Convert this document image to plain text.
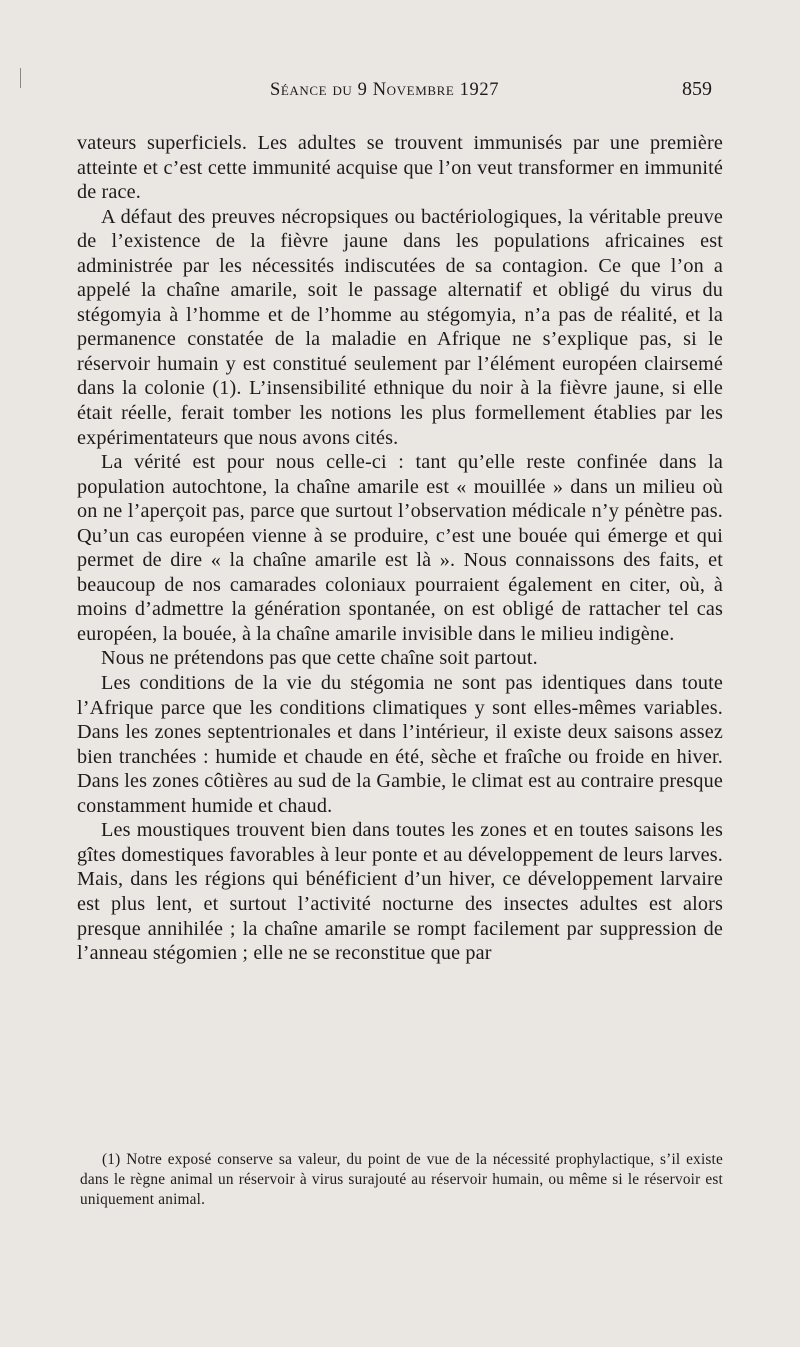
Séance du 9 Novembre 1927	859

vateurs superficiels. Les adultes se trouvent immunisés par une première atteinte et c’est cette immunité acquise que l’on veut transformer en immunité de race.

A défaut des preuves nécropsiques ou bactériologiques, la véritable preuve de l’existence de la fièvre jaune dans les populations africaines est administrée par les nécessités indiscutées de sa contagion. Ce que l’on a appelé la chaîne amarile, soit le passage alternatif et obligé du virus du stégomyia à l’homme et de l’homme au stégomyia, n’a pas de réalité, et la permanence constatée de la maladie en Afrique ne s’explique pas, si le réservoir humain y est constitué seulement par l’élément européen clairsemé dans la colonie (1). L’insensibilité ethnique du noir à la fièvre jaune, si elle était réelle, ferait tomber les notions les plus formellement établies par les expérimentateurs que nous avons cités.

La vérité est pour nous celle-ci : tant qu’elle reste confinée dans la population autochtone, la chaîne amarile est « mouillée » dans un milieu où on ne l’aperçoit pas, parce que surtout l’observation médicale n’y pénètre pas. Qu’un cas européen vienne à se produire, c’est une bouée qui émerge et qui permet de dire « la chaîne amarile est là ». Nous connaissons des faits, et beaucoup de nos camarades coloniaux pourraient également en citer, où, à moins d’admettre la génération spontanée, on est obligé de rattacher tel cas européen, la bouée, à la chaîne amarile invisible dans le milieu indigène.

Nous ne prétendons pas que cette chaîne soit partout.

Les conditions de la vie du stégomia ne sont pas identiques dans toute l’Afrique parce que les conditions climatiques y sont elles-mêmes variables. Dans les zones septentrionales et dans l’intérieur, il existe deux saisons assez bien tranchées : humide et chaude en été, sèche et fraîche ou froide en hiver. Dans les zones côtières au sud de la Gambie, le climat est au contraire presque constamment humide et chaud.

Les moustiques trouvent bien dans toutes les zones et en toutes saisons les gîtes domestiques favorables à leur ponte et au développement de leurs larves. Mais, dans les régions qui bénéficient d’un hiver, ce développement larvaire est plus lent, et surtout l’activité nocturne des insectes adultes est alors presque annihilée ; la chaîne amarile se rompt facilement par suppression de l’anneau stégomien ; elle ne se reconstitue que par

(1) Notre exposé conserve sa valeur, du point de vue de la nécessité prophylactique, s’il existe dans le règne animal un réservoir à virus surajouté au réservoir humain, ou même si le réservoir est uniquement animal.
